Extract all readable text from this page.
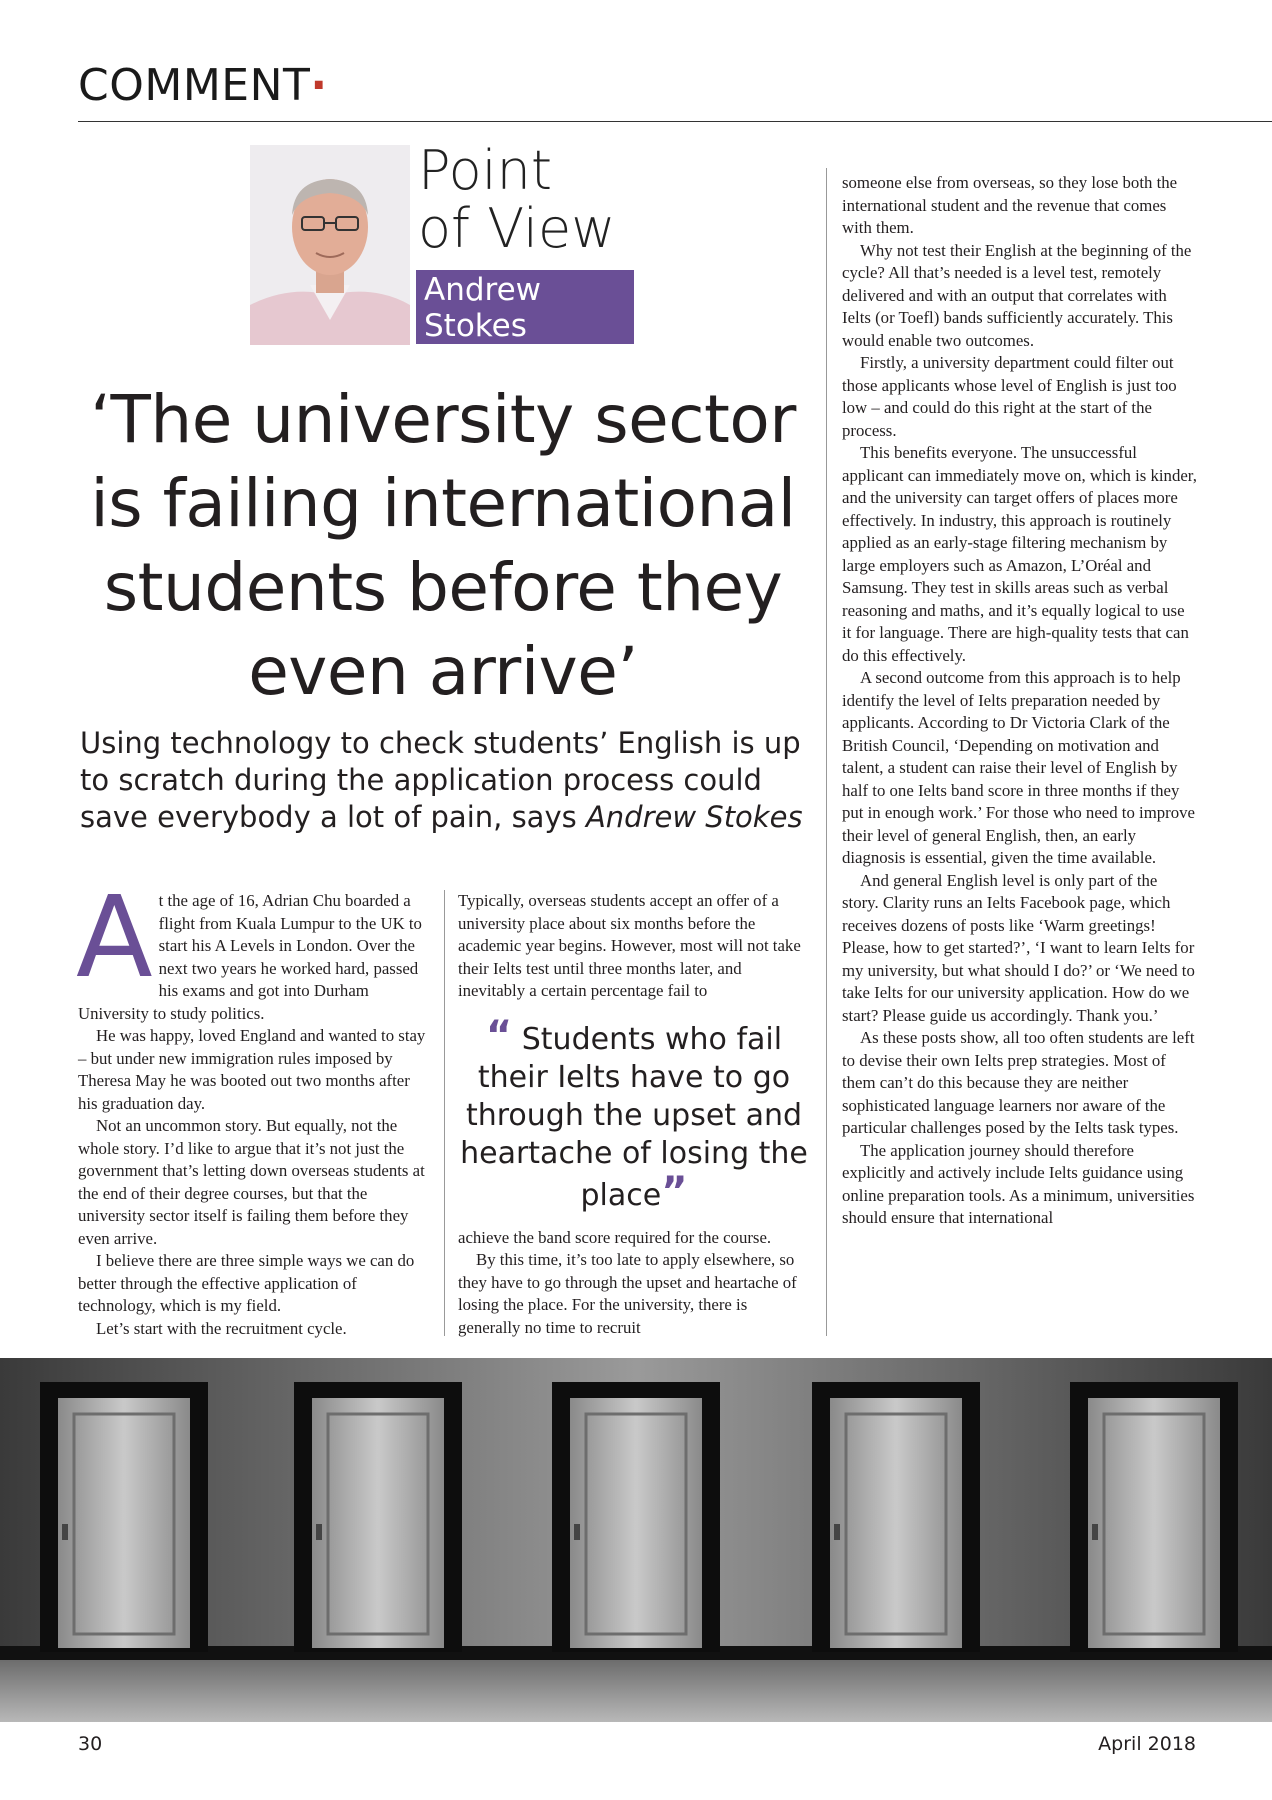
COMMENT·
Point
of View
Andrew
Stokes
‘The university sector is failing international students before they even arrive’
Using technology to check students’ English is up to scratch during the application process could save everybody a lot of pain, says Andrew Stokes

At the age of 16, Adrian Chu boarded a flight from Kuala Lumpur to the UK to start his A Levels in London. Over the next two years he worked hard, passed his exams and got into Durham University to study politics.

He was happy, loved England and wanted to stay – but under new immigration rules imposed by Theresa May he was booted out two months after his graduation day.

Not an uncommon story. But equally, not the whole story. I’d like to argue that it’s not just the government that’s letting down overseas students at the end of their degree courses, but that the university sector itself is failing them before they even arrive.

I believe there are three simple ways we can do better through the effective application of technology, which is my field.

Let’s start with the recruitment cycle.

Typically, overseas students accept an offer of a university place about six months before the academic year begins. However, most will not take their Ielts test until three months later, and inevitably a certain percentage fail to

“ Students who fail their Ielts have to go through the upset and heartache of losing the place”

achieve the band score required for the course.

By this time, it’s too late to apply elsewhere, so they have to go through the upset and heartache of losing the place. For the university, there is generally no time to recruit

someone else from overseas, so they lose both the international student and the revenue that comes with them.

Why not test their English at the beginning of the cycle? All that’s needed is a level test, remotely delivered and with an output that correlates with Ielts (or Toefl) bands sufficiently accurately. This would enable two outcomes.

Firstly, a university department could filter out those applicants whose level of English is just too low – and could do this right at the start of the process.

This benefits everyone. The unsuccessful applicant can immediately move on, which is kinder, and the university can target offers of places more effectively. In industry, this approach is routinely applied as an early-stage filtering mechanism by large employers such as Amazon, L’Oréal and Samsung. They test in skills areas such as verbal reasoning and maths, and it’s equally logical to use it for language. There are high-quality tests that can do this effectively.

A second outcome from this approach is to help identify the level of Ielts preparation needed by applicants. According to Dr Victoria Clark of the British Council, ‘Depending on motivation and talent, a student can raise their level of English by half to one Ielts band score in three months if they put in enough work.’ For those who need to improve their level of general English, then, an early diagnosis is essential, given the time available.

And general English level is only part of the story. Clarity runs an Ielts Facebook page, which receives dozens of posts like ‘Warm greetings! Please, how to get started?’, ‘I want to learn Ielts for my university, but what should I do?’ or ‘We need to take Ielts for our university application. How do we start? Please guide us accordingly. Thank you.’

As these posts show, all too often students are left to devise their own Ielts prep strategies. Most of them can’t do this because they are neither sophisticated language learners nor aware of the particular challenges posed by the Ielts task types.

The application journey should therefore explicitly and actively include Ielts guidance using online preparation tools. As a minimum, universities should ensure that international

30	April 2018
